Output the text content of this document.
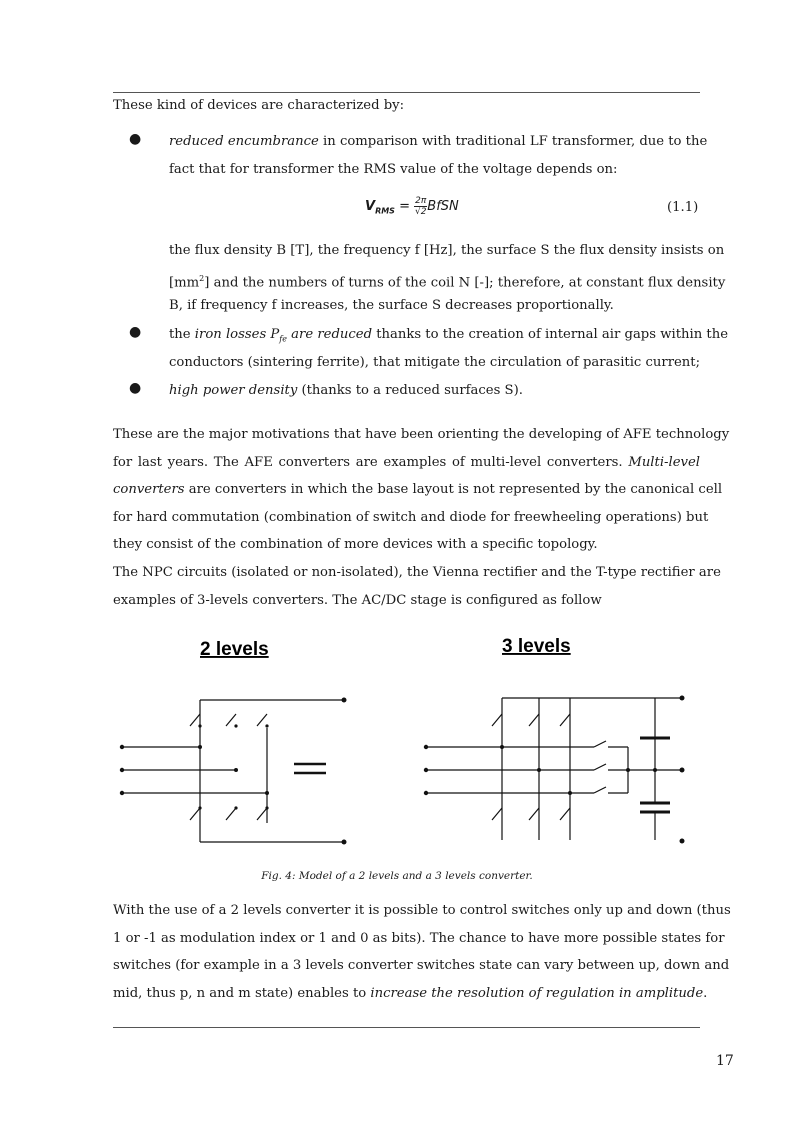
These kind of devices are characterized by:
● reduced encumbrance in comparison with traditional LF transformer, due to the
fact that for transformer the RMS value of the voltage depends on:
$V_{RMS}$ = $\frac{2\pi}{√2}BfSN$	(1.1)
the flux density B [T], the frequency f [Hz], the surface S the flux density insists on
$[mm^2]$ and the numbers of turns of the coil N [-]; therefore, at constant flux density
B, if frequency f increases, the surface S decreases proportionally.
● the iron losses $P_{fe}$ are reduced thanks to the creation of internal air gaps within the
conductors (sintering ferrite), that mitigate the circulation of parasitic current;
● high power density (thanks to a reduced surfaces S).
These are the major motivations that have been orienting the developing of AFE technology
for last years. The AFE converters are examples of multi-level converters. Multi-level
converters are converters in which the base layout is not represented by the canonical cell
for hard commutation (combination of switch and diode for freewheeling operations) but
they consist of the combination of more devices with a specific topology.
The NPC circuits (isolated or non-isolated), the Vienna rectifier and the T-type rectifier are
examples of 3-levels converters. The AC/DC stage is configured as follow
2 levels	3 levels
Fig. 4: Model of a 2 levels and a 3 levels converter.
With the use of a 2 levels converter it is possible to control switches only up and down (thus
1 or -1 as modulation index or 1 and 0 as bits). The chance to have more possible states for
switches (for example in a 3 levels converter switches state can vary between up, down and
mid, thus p, n and m state) enables to increase the resolution of regulation in amplitude.
17
